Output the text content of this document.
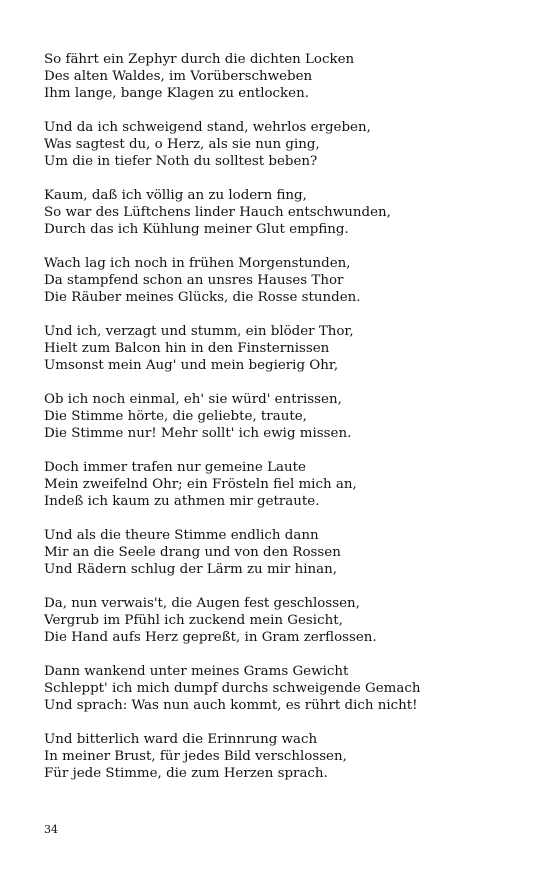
So fährt ein Zephyr durch die dichten Locken
Des alten Waldes, im Vorüberschweben
Ihm lange, bange Klagen zu entlocken.
Und da ich schweigend stand, wehrlos ergeben,
Was sagtest du, o Herz, als sie nun ging,
Um die in tiefer Noth du solltest beben?
Kaum, daß ich völlig an zu lodern fing,
So war des Lüftchens linder Hauch entschwunden,
Durch das ich Kühlung meiner Glut empfing.
Wach lag ich noch in frühen Morgenstunden,
Da stampfend schon an unsres Hauses Thor
Die Räuber meines Glücks, die Rosse stunden.
Und ich, verzagt und stumm, ein blöder Thor,
Hielt zum Balcon hin in den Finsternissen
Umsonst mein Aug' und mein begierig Ohr,
Ob ich noch einmal, eh' sie würd' entrissen,
Die Stimme hörte, die geliebte, traute,
Die Stimme nur! Mehr sollt' ich ewig missen.
Doch immer trafen nur gemeine Laute
Mein zweifelnd Ohr; ein Frösteln fiel mich an,
Indeß ich kaum zu athmen mir getraute.
Und als die theure Stimme endlich dann
Mir an die Seele drang und von den Rossen
Und Rädern schlug der Lärm zu mir hinan,
Da, nun verwais't, die Augen fest geschlossen,
Vergrub im Pfühl ich zuckend mein Gesicht,
Die Hand aufs Herz gepreßt, in Gram zerflossen.
Dann wankend unter meines Grams Gewicht
Schleppt' ich mich dumpf durchs schweigende Gemach
Und sprach: Was nun auch kommt, es rührt dich nicht!
Und bitterlich ward die Erinnrung wach
In meiner Brust, für jedes Bild verschlossen,
Für jede Stimme, die zum Herzen sprach.
34
